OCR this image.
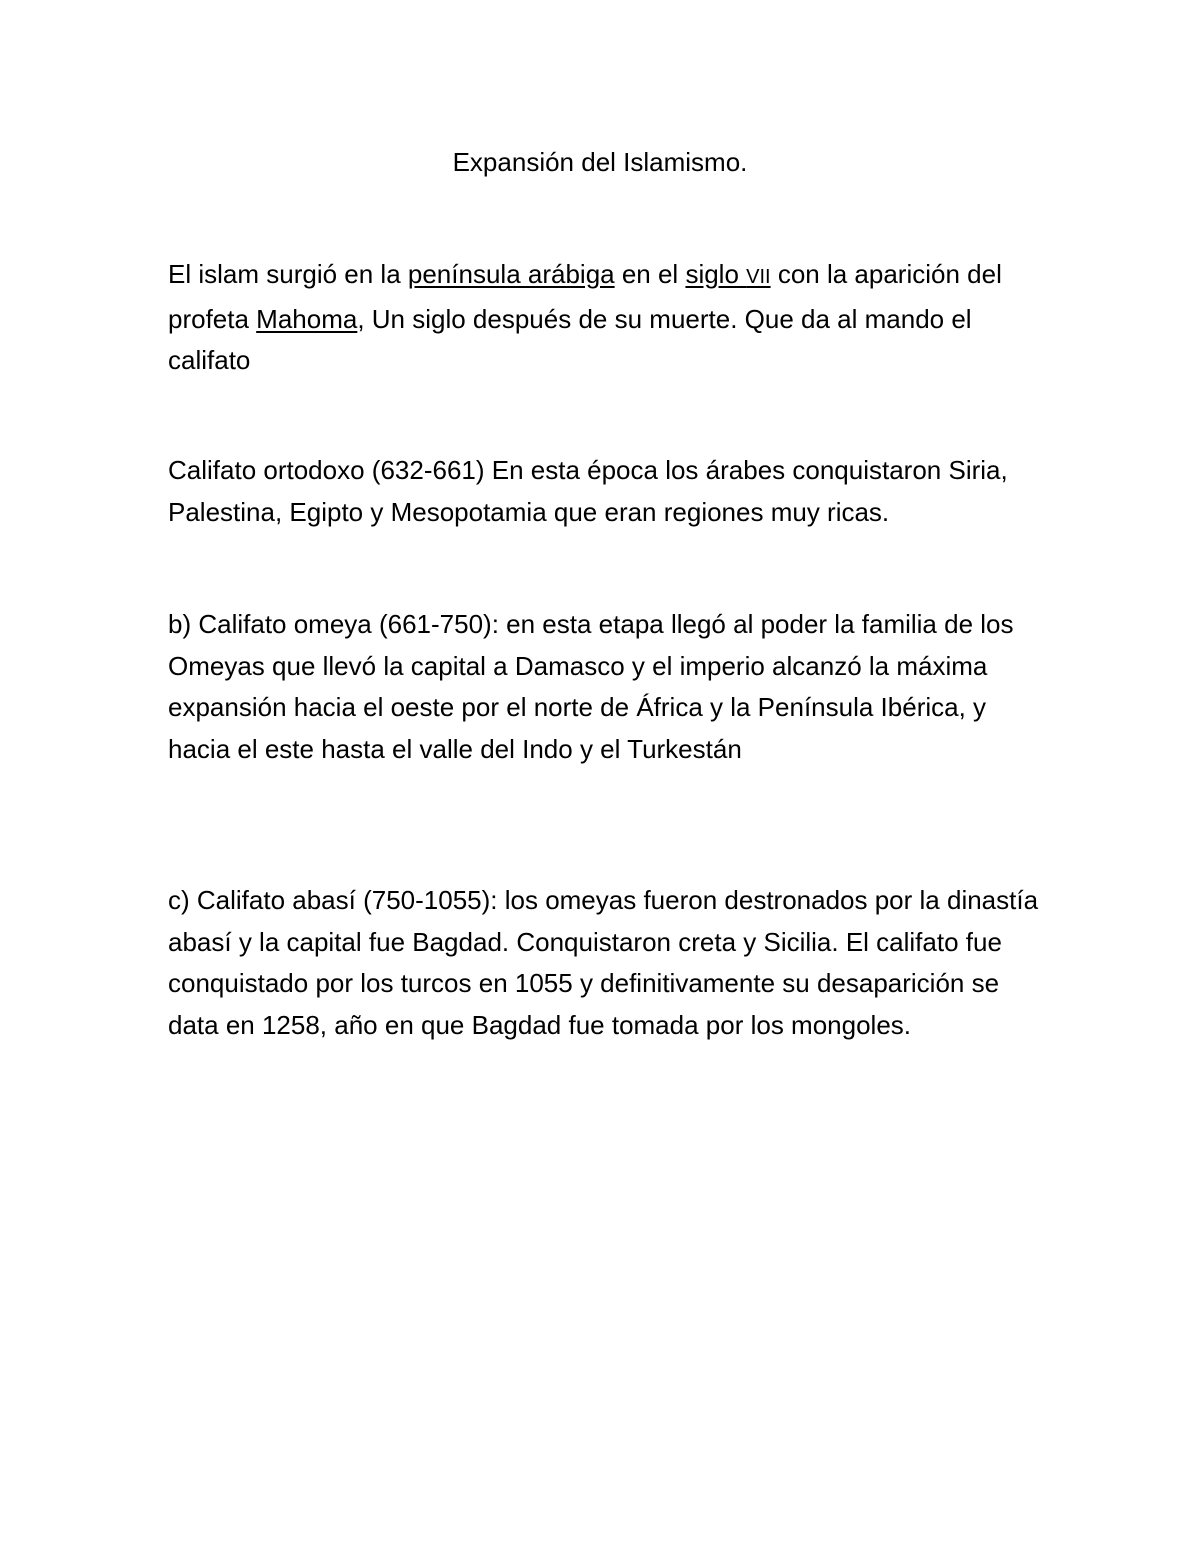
Expansión del Islamismo.

El islam surgió en la península arábiga en el siglo VII con la aparición del profeta Mahoma, Un siglo después de su muerte. Que da al mando el califato

Califato ortodoxo (632-661) En esta época los árabes conquistaron Siria, Palestina, Egipto y Mesopotamia que eran regiones muy ricas.

b) Califato omeya (661-750): en esta etapa llegó al poder la familia de los Omeyas que llevó la capital a Damasco y el imperio alcanzó la máxima expansión hacia el oeste por el norte de África y la Península Ibérica, y hacia el este hasta el valle del Indo y el Turkestán

c) Califato abasí (750-1055): los omeyas fueron destronados por la dinastía abasí y la capital fue Bagdad. Conquistaron creta y Sicilia. El califato fue conquistado por los turcos en 1055 y definitivamente su desaparición se data en 1258, año en que Bagdad fue tomada por los mongoles.
